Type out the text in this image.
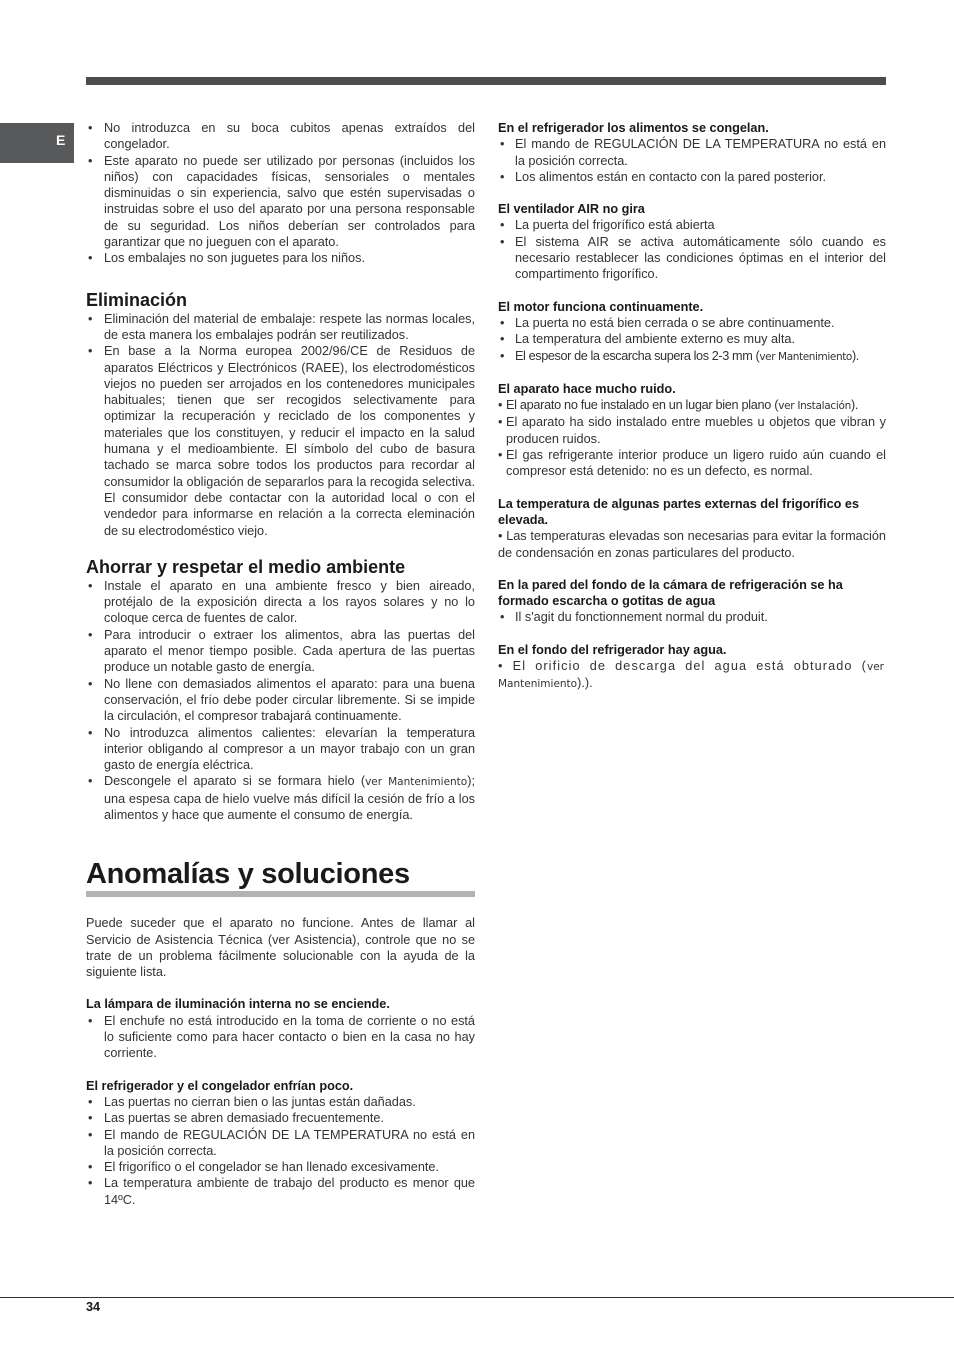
E
• No introduzca en su boca cubitos apenas extraídos del congelador.
• Este aparato no puede ser utilizado por personas (incluidos los niños) con capacidades físicas, sensoriales o mentales disminuidas o sin experiencia, salvo que estén supervisadas o instruidas sobre el uso del aparato por una persona responsable de su seguridad. Los niños deberían ser controlados para garantizar que no jueguen con el aparato.
• Los embalajes no son juguetes para los niños.
Eliminación
• Eliminación del material de embalaje: respete las normas locales, de esta manera los embalajes podrán ser reutilizados.
• En base a la Norma europea 2002/96/CE de Residuos de aparatos Eléctricos y Electrónicos (RAEE), los electrodomésticos viejos no pueden ser arrojados en los contenedores municipales habituales; tienen que ser recogidos selectivamente para optimizar la recuperación y reciclado de los componentes y materiales que los constituyen, y reducir el impacto en la salud humana y el medioambiente. El símbolo del cubo de basura tachado se marca sobre todos los productos para recordar al consumidor la obligación de separarlos para la recogida selectiva. El consumidor debe contactar con la autoridad local o con el vendedor para informarse en relación a la correcta eleminación de su electrodoméstico viejo.
Ahorrar y respetar el medio ambiente
• Instale el aparato en una ambiente fresco y bien aireado, protéjalo de la exposición directa a los rayos solares y no lo coloque cerca de fuentes de calor.
• Para introducir o extraer los alimentos, abra las puertas del aparato el menor tiempo posible. Cada apertura de las puertas produce un notable gasto de energía.
• No llene con demasiados alimentos el aparato: para una buena conservación, el frío debe poder circular libremente. Si se impide la circulación, el compresor trabajará continuamente.
• No introduzca alimentos calientes: elevarían la temperatura interior obligando al compresor a un mayor trabajo con un gran gasto de energía eléctrica.
• Descongele el aparato si se formara hielo (ver Mantenimiento); una espesa capa de hielo vuelve más difícil la cesión de frío a los alimentos y hace que aumente el consumo de energía.
Anomalías y soluciones

Puede suceder que el aparato no funcione. Antes de llamar al Servicio de Asistencia Técnica (ver Asistencia), controle que no se trate de un problema fácilmente solucionable con la ayuda de la siguiente lista.

La lámpara de iluminación interna no se enciende.

• El enchufe no está introducido en la toma de corriente o no está lo suficiente como para hacer contacto o bien en la casa no hay corriente.

El refrigerador y el congelador enfrían poco.

• Las puertas no cierran bien o las juntas están dañadas.
• Las puertas se abren demasiado frecuentemente.
• El mando de REGULACIÓN DE LA TEMPERATURA no está en la posición correcta.
• El frigorífico o el congelador se han llenado excesivamente.
• La temperatura ambiente de trabajo del producto es menor que 14ºC.

En el refrigerador los alimentos se congelan.

• El mando de REGULACIÓN DE LA TEMPERATURA no está en la posición correcta.
• Los alimentos están en contacto con la pared posterior.

El ventilador AIR no gira

• La puerta del frigorífico está abierta
• El sistema AIR se activa automáticamente sólo cuando es necesario restablecer las condiciones óptimas en el interior del compartimento frigorífico.

El motor funciona continuamente.

• La puerta no está bien cerrada o se abre continuamente.
• La temperatura del ambiente externo es muy alta.
• El espesor de la escarcha supera los 2-3 mm (ver Mantenimiento).

El aparato hace mucho ruido.

• El aparato no fue instalado en un lugar bien plano (ver Instalación).
• El aparato ha sido instalado entre muebles u objetos que vibran y producen ruidos.
• El gas refrigerante interior produce un ligero ruido aún cuando el compresor está detenido: no es un defecto, es normal.

La temperatura de algunas partes externas del frigorífico es elevada.

• Las temperaturas elevadas son necesarias para evitar la formación de condensación en zonas particulares del producto.

En la pared del fondo de la cámara de refrigeración se ha formado escarcha o gotitas de agua

• Il s'agit du fonctionnement normal du produit.

En el fondo del refrigerador hay agua.

• El orificio de descarga del agua está obturado (ver Mantenimiento).).

34
